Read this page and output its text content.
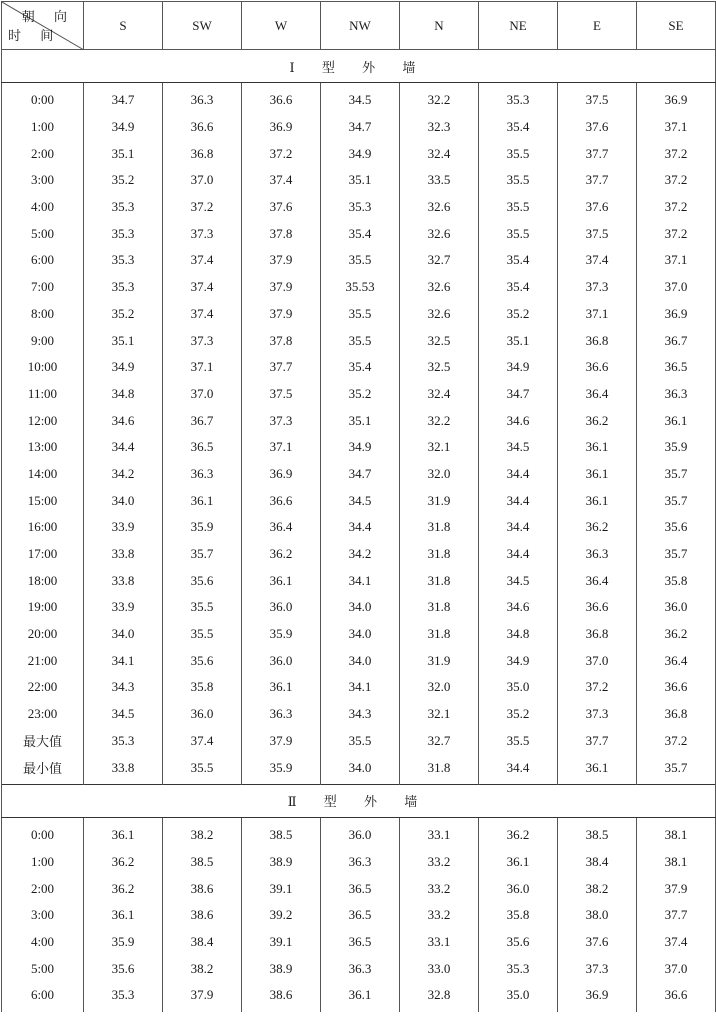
朝 向
时 间	S	SW	W	NW	N	NE	E	SE
Ⅰ 型 外 墙								
0:00	34.7	36.3	36.6	34.5	32.2	35.3	37.5	36.9
1:00	34.9	36.6	36.9	34.7	32.3	35.4	37.6	37.1
2:00	35.1	36.8	37.2	34.9	32.4	35.5	37.7	37.2
3:00	35.2	37.0	37.4	35.1	33.5	35.5	37.7	37.2
4:00	35.3	37.2	37.6	35.3	32.6	35.5	37.6	37.2
5:00	35.3	37.3	37.8	35.4	32.6	35.5	37.5	37.2
6:00	35.3	37.4	37.9	35.5	32.7	35.4	37.4	37.1
7:00	35.3	37.4	37.9	35.53	32.6	35.4	37.3	37.0
8:00	35.2	37.4	37.9	35.5	32.6	35.2	37.1	36.9
9:00	35.1	37.3	37.8	35.5	32.5	35.1	36.8	36.7
10:00	34.9	37.1	37.7	35.4	32.5	34.9	36.6	36.5
11:00	34.8	37.0	37.5	35.2	32.4	34.7	36.4	36.3
12:00	34.6	36.7	37.3	35.1	32.2	34.6	36.2	36.1
13:00	34.4	36.5	37.1	34.9	32.1	34.5	36.1	35.9
14:00	34.2	36.3	36.9	34.7	32.0	34.4	36.1	35.7
15:00	34.0	36.1	36.6	34.5	31.9	34.4	36.1	35.7
16:00	33.9	35.9	36.4	34.4	31.8	34.4	36.2	35.6
17:00	33.8	35.7	36.2	34.2	31.8	34.4	36.3	35.7
18:00	33.8	35.6	36.1	34.1	31.8	34.5	36.4	35.8
19:00	33.9	35.5	36.0	34.0	31.8	34.6	36.6	36.0
20:00	34.0	35.5	35.9	34.0	31.8	34.8	36.8	36.2
21:00	34.1	35.6	36.0	34.0	31.9	34.9	37.0	36.4
22:00	34.3	35.8	36.1	34.1	32.0	35.0	37.2	36.6
23:00	34.5	36.0	36.3	34.3	32.1	35.2	37.3	36.8
最大值	35.3	37.4	37.9	35.5	32.7	35.5	37.7	37.2
最小值	33.8	35.5	35.9	34.0	31.8	34.4	36.1	35.7
Ⅱ 型 外 墙								
0:00	36.1	38.2	38.5	36.0	33.1	36.2	38.5	38.1
1:00	36.2	38.5	38.9	36.3	33.2	36.1	38.4	38.1
2:00	36.2	38.6	39.1	36.5	33.2	36.0	38.2	37.9
3:00	36.1	38.6	39.2	36.5	33.2	35.8	38.0	37.7
4:00	35.9	38.4	39.1	36.5	33.1	35.6	37.6	37.4
5:00	35.6	38.2	38.9	36.3	33.0	35.3	37.3	37.0
6:00	35.3	37.9	38.6	36.1	32.8	35.0	36.9	36.6
